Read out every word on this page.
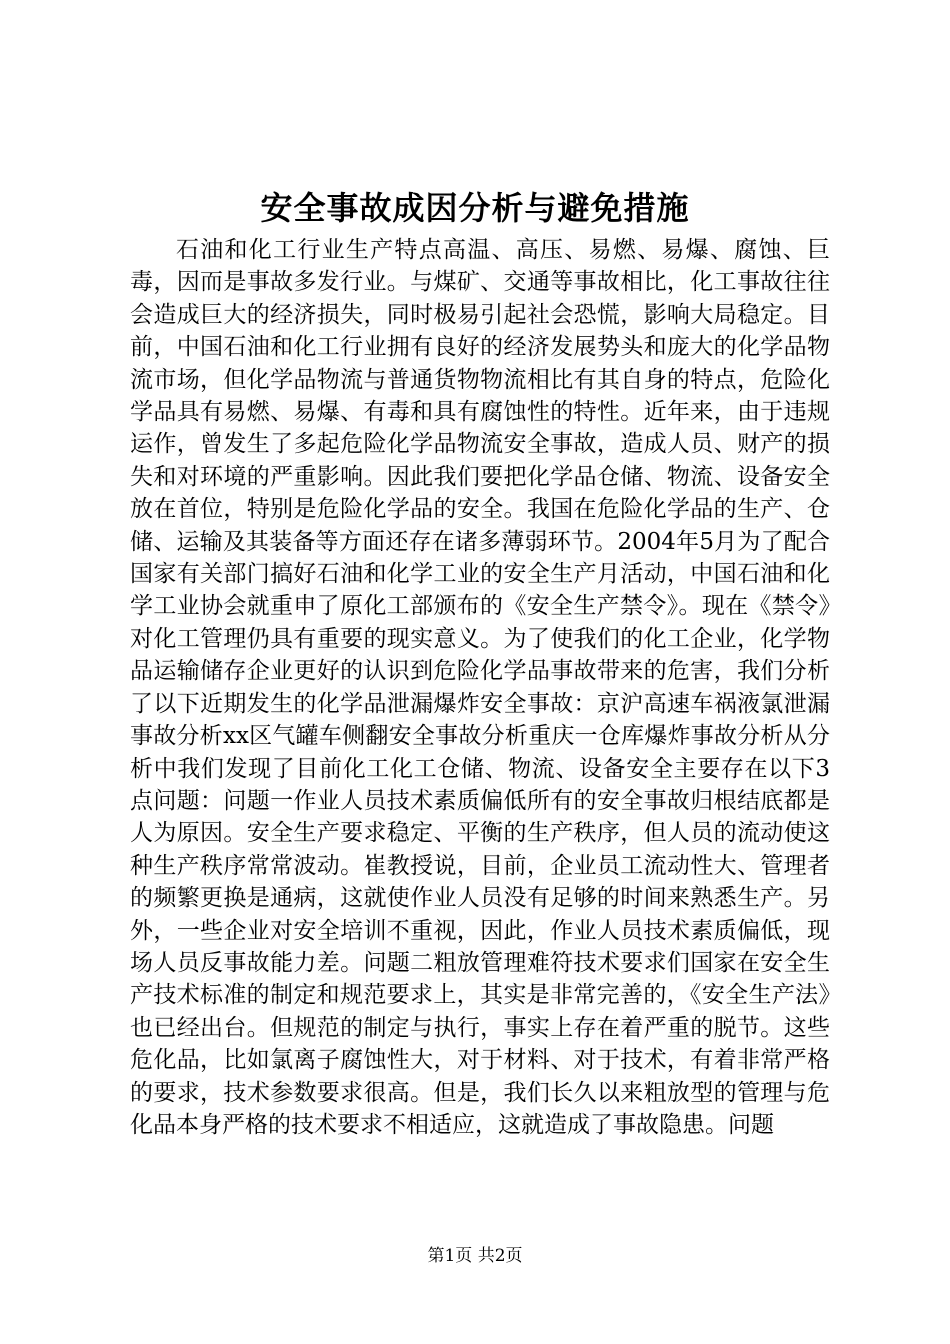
安全事故成因分析与避免措施

石油和化工行业生产特点高温、高压、易燃、易爆、腐蚀、巨毒，因而是事故多发行业。与煤矿、交通等事故相比，化工事故往往会造成巨大的经济损失，同时极易引起社会恐慌，影响大局稳定。目前，中国石油和化工行业拥有良好的经济发展势头和庞大的化学品物流市场，但化学品物流与普通货物物流相比有其自身的特点，危险化学品具有易燃、易爆、有毒和具有腐蚀性的特性。近年来，由于违规运作，曾发生了多起危险化学品物流安全事故，造成人员、财产的损失和对环境的严重影响。因此我们要把化学品仓储、物流、设备安全放在首位，特别是危险化学品的安全。我国在危险化学品的生产、仓储、运输及其装备等方面还存在诸多薄弱环节。2004年5月为了配合国家有关部门搞好石油和化学工业的安全生产月活动，中国石油和化学工业协会就重申了原化工部颁布的《安全生产禁令》。现在《禁令》对化工管理仍具有重要的现实意义。为了使我们的化工企业，化学物品运输储存企业更好的认识到危险化学品事故带来的危害，我们分析了以下近期发生的化学品泄漏爆炸安全事故：京沪高速车祸液氯泄漏事故分析xx区气罐车侧翻安全事故分析重庆一仓库爆炸事故分析从分析中我们发现了目前化工化工仓储、物流、设备安全主要存在以下3点问题：问题一作业人员技术素质偏低所有的安全事故归根结底都是人为原因。安全生产要求稳定、平衡的生产秩序，但人员的流动使这种生产秩序常常波动。崔教授说，目前，企业员工流动性大、管理者的频繁更换是通病，这就使作业人员没有足够的时间来熟悉生产。另外，一些企业对安全培训不重视，因此，作业人员技术素质偏低，现场人员反事故能力差。问题二粗放管理难符技术要求们国家在安全生产技术标准的制定和规范要求上，其实是非常完善的，《安全生产法》也已经出台。但规范的制定与执行，事实上存在着严重的脱节。这些危化品，比如氯离子腐蚀性大，对于材料、对于技术，有着非常严格的要求，技术参数要求很高。但是，我们长久以来粗放型的管理与危化品本身严格的技术要求不相适应，这就造成了事故隐患。问题

第1页 共2页
